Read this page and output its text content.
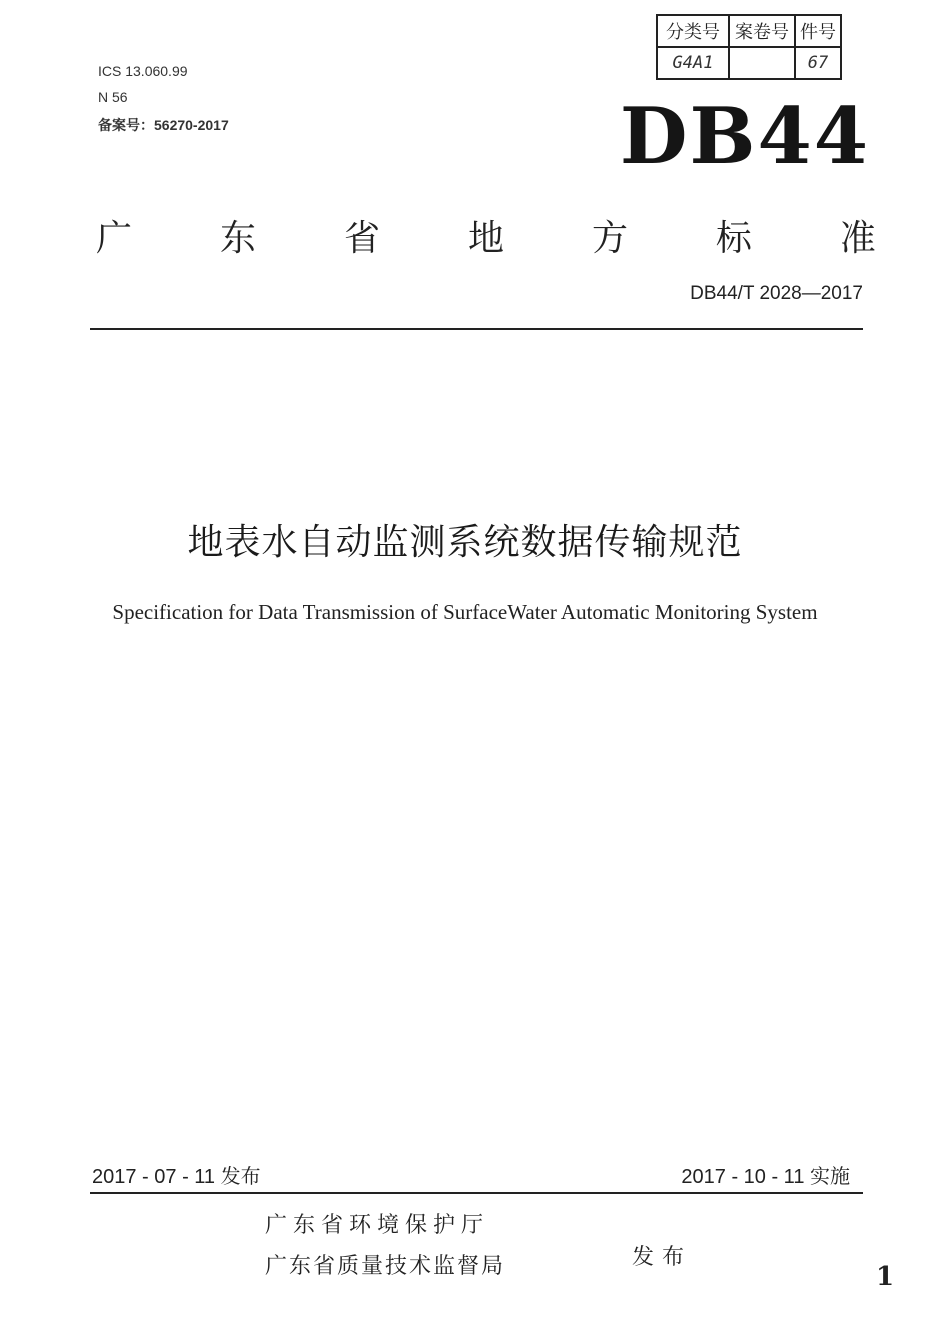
ICS 13.060.99
N 56
备案号：56270-2017
分类号	案卷号	件号
G4A1		67
DB44
广 东 省 地 方 标 准
DB44/T 2028—2017
地表水自动监测系统数据传输规范
Specification for Data Transmission of SurfaceWater Automatic Monitoring System
2017 - 07 - 11 发布	2017 - 10 - 11 实施
广东省环境保护厅
广东省质量技术监督局	发布
1
